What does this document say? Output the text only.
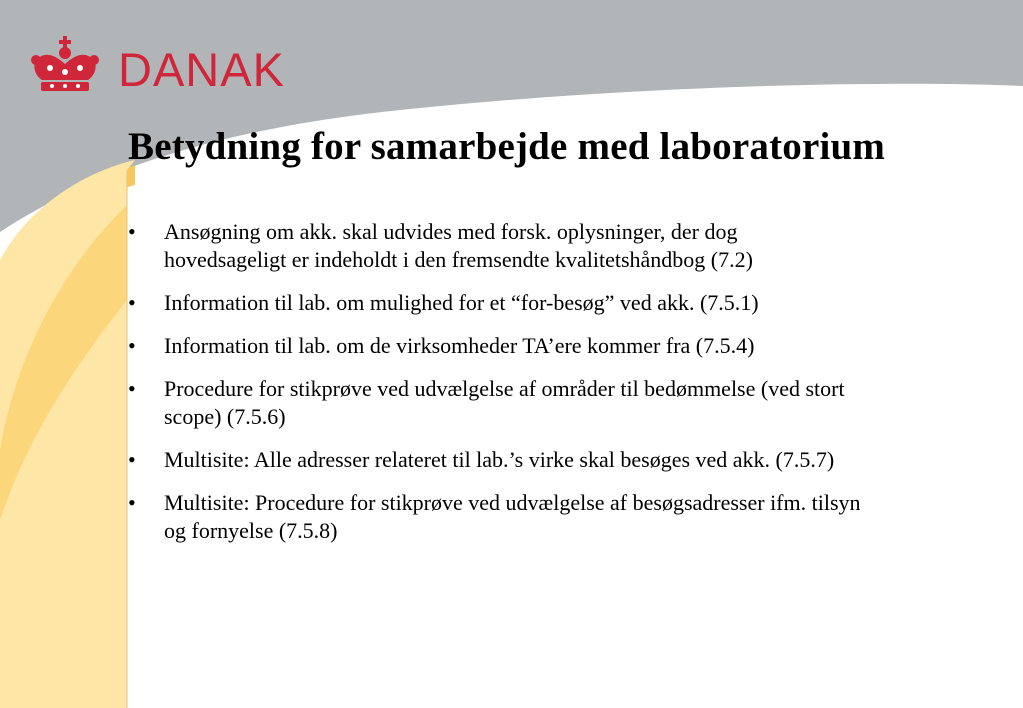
DANAK
Betydning for samarbejde med laboratorium
• Ansøgning om akk. skal udvides med forsk. oplysninger, der dog
hovedsageligt er indeholdt i den fremsendte kvalitetshåndbog (7.2)
• Information til lab. om mulighed for et “for-besøg” ved akk. (7.5.1)
• Information til lab. om de virksomheder TA’ere kommer fra (7.5.4)
• Procedure for stikprøve ved udvælgelse af områder til bedømmelse (ved stort
scope) (7.5.6)
• Multisite: Alle adresser relateret til lab.’s virke skal besøges ved akk. (7.5.7)
• Multisite: Procedure for stikprøve ved udvælgelse af besøgsadresser ifm. tilsyn
og fornyelse (7.5.8)
